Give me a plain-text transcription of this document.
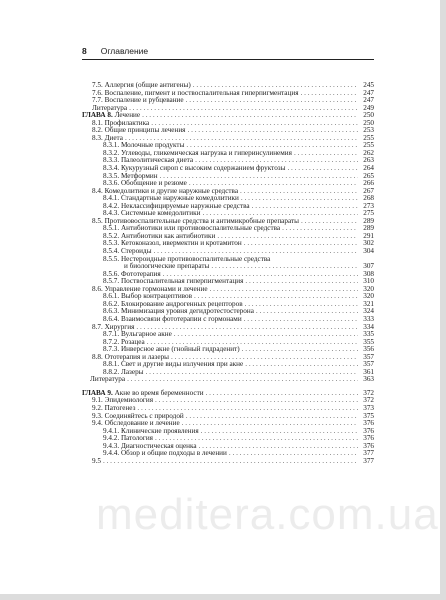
8 Оглавление
7.5. Аллергия (общие антигены) . . .	245
7.6. Воспаление, пигмент и поствоспалительная гиперпигментация . . .	247
7.7. Воспаление и рубцевание . . .	247
Литература . . .	249
ГЛАВА 8. Лечение . . .	250
8.1. Профилактика . . .	250
8.2. Общие принципы лечения . . .	253
8.3. Диета . . .	255
8.3.1. Молочные продукты . . .	255
8.3.2. Углеводы, гликемическая нагрузка и гиперинсулинемия . . .	262
8.3.3. Палеолитическая диета . . .	263
8.3.4. Кукурузный сироп с высоким содержанием фруктозы . . .	264
8.3.5. Метформин . . .	265
8.3.6. Обобщение и резюме . . .	266
8.4. Комедолитики и другие наружные средства . . .	267
8.4.1. Стандартные наружные комедолитики . . .	268
8.4.2. Неклассифицируемые наружные средства . . .	273
8.4.3. Системные комедолитики . . .	275
8.5. Противовоспалительные средства и антимикробные препараты . . .	289
8.5.1. Антибиотики или противовоспалительные средства . . .	289
8.5.2. Антибиотики как антибиотики . . .	291
8.5.3. Кетоконазол, ивермектин и кротамитон . . .	302
8.5.4. Стероиды . . .	304
8.5.5. Нестероидные противовоспалительные средства
и биологические препараты . . .	307
8.5.6. Фототерапия . . .	308
8.5.7. Поствоспалительная гиперпигментация . . .	310
8.6. Управление гормонами и лечение . . .	320
8.6.1. Выбор контрацептивов . . .	320
8.6.2. Блокирование андрогенных рецепторов . . .	321
8.6.3. Минимизация уровня дегидротестостерона . . .	324
8.6.4. Взаимосвязи фототерапии с гормонами . . .	333
8.7. Хирургия . . .	334
8.7.1. Вульгарное акне . . .	335
8.7.2. Розацеа . . .	355
8.7.3. Инверсное акне (гнойный гидраденит) . . .	356
8.8. Ототерапия и лазеры . . .	357
8.8.1. Свет и другие виды излучения при акне . . .	357
8.8.2. Лазеры . . .	361
Литература . . .	363
ГЛАВА 9. Акне во время беременности . . .	372
9.1. Эпидемиология . . .	372
9.2. Патогенез . . .	373
9.3. Соединяйтесь с природой . . .	375
9.4. Обследование и лечение . . .	376
9.4.1. Клинические проявления . . .	376
9.4.2. Патология . . .	376
9.4.3. Диагностическая оценка . . .	376
9.4.4. Обзор и общие подходы в лечении . . .	377
9.5 . . .	377
meditera.com.ua
